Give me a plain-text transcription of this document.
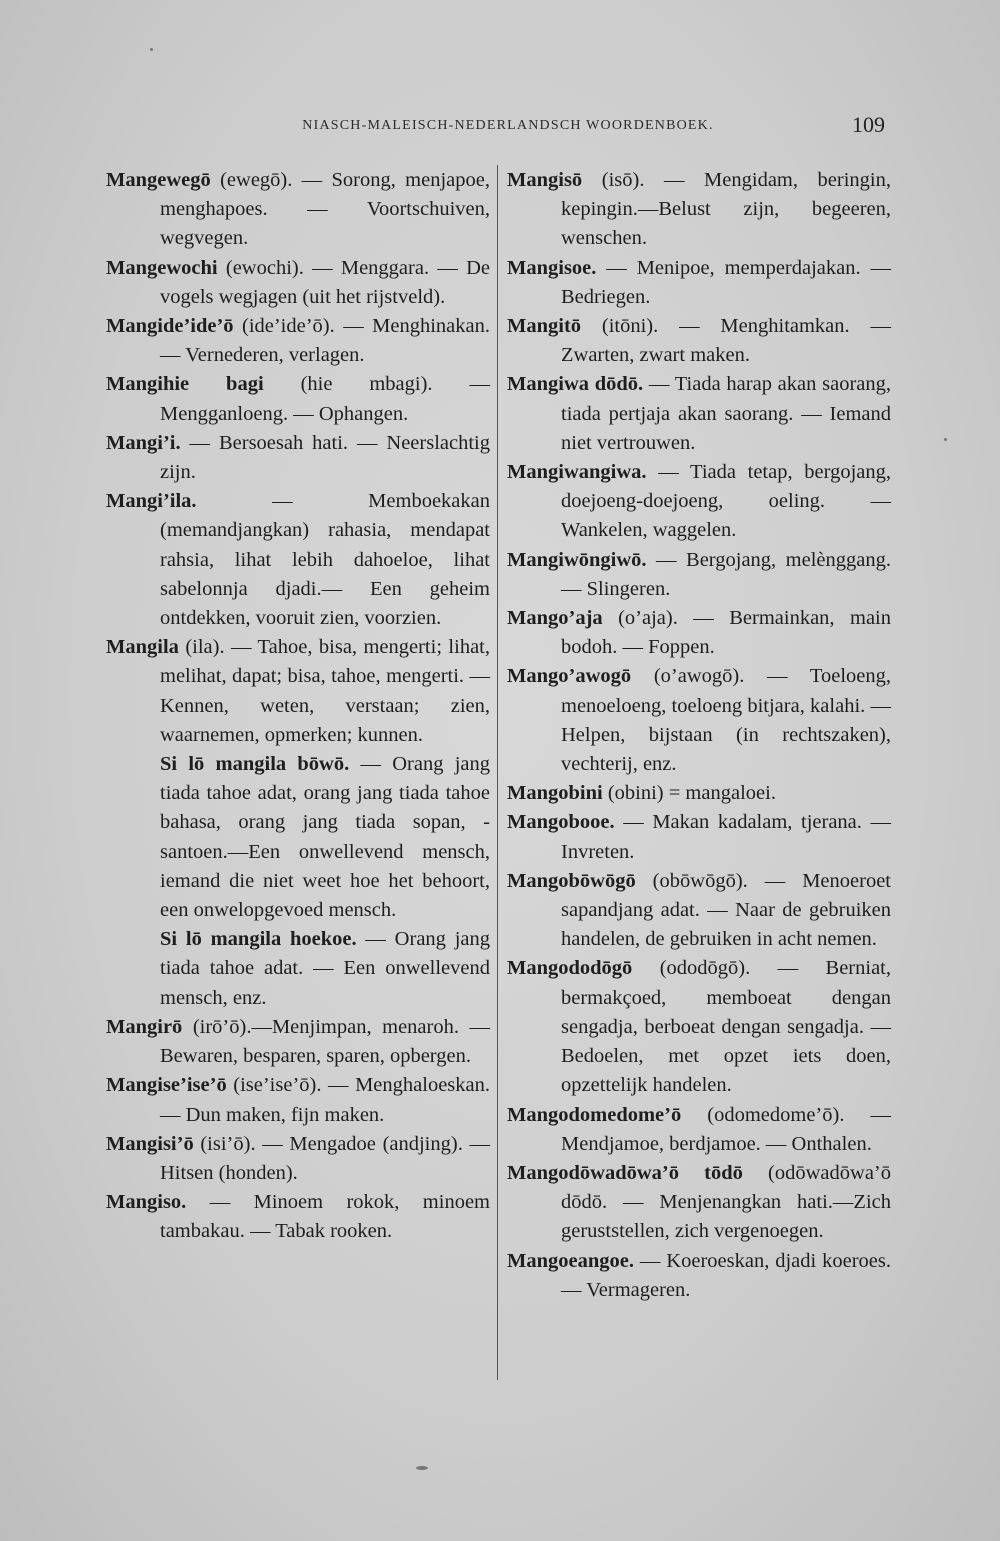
NIASCH-MALEISCH-NEDERLANDSCH WOORDENBOEK.	109

Mangewegō (ewegō). — Sorong, menjapoe, menghapoes. — Voortschuiven, wegvegen.

Mangewochi (ewochi). — Menggara. — De vogels wegjagen (uit het rijstveld).

Mangide’ide’ō (ide’ide’ō). — Menghinakan. — Vernederen, verlagen.

Mangihie bagi (hie mbagi). — Mengganloeng. — Ophangen.

Mangi’i. — Bersoesah hati. — Neerslachtig zijn.

Mangi’ila. — Memboekakan (memandjangkan) rahasia, mendapat rahsia, lihat lebih dahoeloe, lihat sabelonnja djadi.— Een geheim ontdekken, vooruit zien, voorzien.

Mangila (ila). — Tahoe, bisa, mengerti; lihat, melihat, dapat; bisa, tahoe, mengerti. — Kennen, weten, verstaan; zien, waarnemen, opmerken; kunnen.

Si lō mangila bōwō. — Orang jang tiada tahoe adat, orang jang tiada tahoe bahasa, orang jang tiada sopan, -santoen.—Een onwellevend mensch, iemand die niet weet hoe het behoort, een onwelopgevoed mensch.

Si lō mangila hoekoe. — Orang jang tiada tahoe adat. — Een onwellevend mensch, enz.

Mangirō (irō’ō).—Menjimpan, menaroh. — Bewaren, besparen, sparen, opbergen.

Mangise’ise’ō (ise’ise’ō). — Menghaloeskan. — Dun maken, fijn maken.

Mangisi’ō (isi’ō). — Mengadoe (andjing). — Hitsen (honden).

Mangiso. — Minoem rokok, minoem tambakau. — Tabak rooken.

Mangisō (isō). — Mengidam, beringin, kepingin.—Belust zijn, begeeren, wenschen.

Mangisoe. — Menipoe, memperdajakan. — Bedriegen.

Mangitō (itōni). — Menghitamkan. — Zwarten, zwart maken.

Mangiwa dōdō. — Tiada harap akan saorang, tiada pertjaja akan saorang. — Iemand niet vertrouwen.

Mangiwangiwa. — Tiada tetap, bergojang, doejoeng-doejoeng, oeling. — Wankelen, waggelen.

Mangiwōngiwō. — Bergojang, melènggang. — Slingeren.

Mango’aja (o’aja). — Bermainkan, main bodoh. — Foppen.

Mango’awogō (o’awogō). — Toeloeng, menoeloeng, toeloeng bitjara, kalahi. — Helpen, bijstaan (in rechtszaken), vechterij, enz.

Mangobini (obini) = mangaloei.

Mangobooe. — Makan kadalam, tjerana. — Invreten.

Mangobōwōgō (obōwōgō). — Menoeroet sapandjang adat. — Naar de gebruiken handelen, de gebruiken in acht nemen.

Mangododōgō (ododōgō). — Berniat, bermakçoed, memboeat dengan sengadja, berboeat dengan sengadja. — Bedoelen, met opzet iets doen, opzettelijk handelen.

Mangodomedome’ō (odomedome’ō). — Mendjamoe, berdjamoe. — Onthalen.

Mangodōwadōwa’ō tōdō (odōwadōwa’ō dōdō. — Menjenangkan hati.—Zich geruststellen, zich vergenoegen.

Mangoeangoe. — Koeroeskan, djadi koeroes. — Vermageren.
